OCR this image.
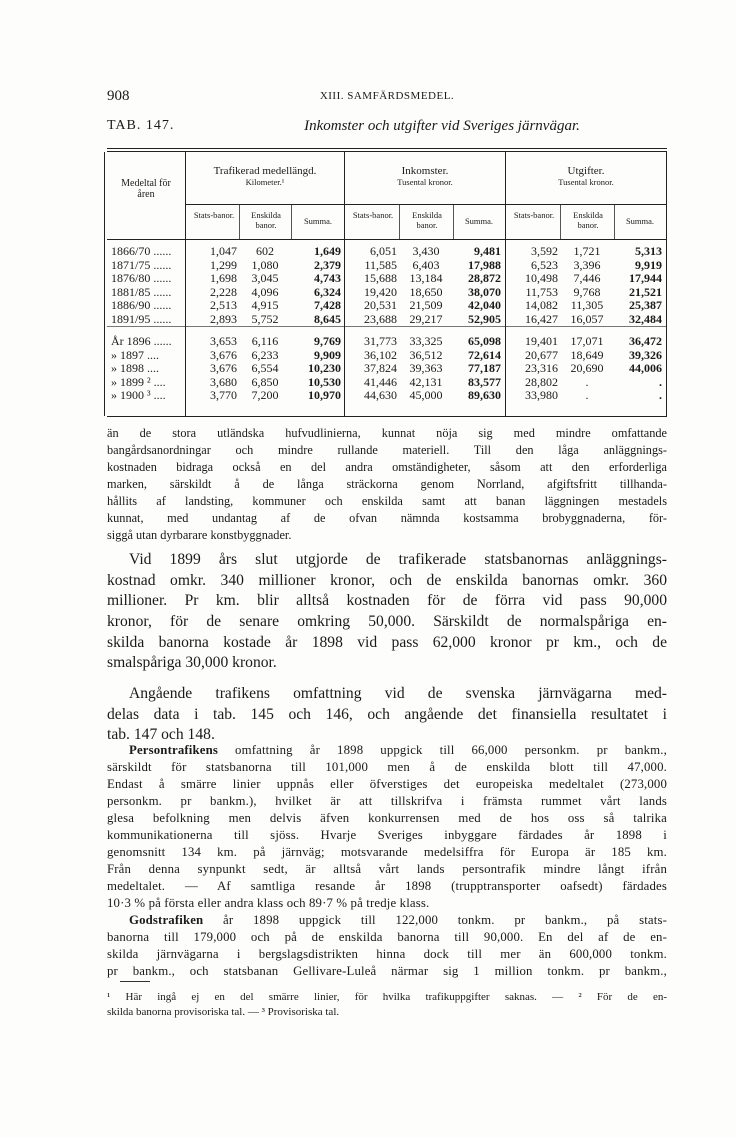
908	XIII. SAMFÄRDSMEDEL.
TAB. 147.	Inkomster och utgifter vid Sveriges järnvägar.
Medeltal för
åren
Trafikerad medellängd.
Kilometer.¹
Inkomster.
Tusental kronor.
Utgifter.
Tusental kronor.
Stats-banor.	Enskilda banor.	Summa.
Stats-banor.	Enskilda banor.	Summa.
Stats-banor.	Enskilda banor.	Summa.
1866/70 ......	1,047	602	1,649	6,051	3,430	9,481	3,592	1,721	5,313
1871/75 ......	1,299	1,080	2,379	11,585	6,403	17,988	6,523	3,396	9,919
1876/80 ......	1,698	3,045	4,743	15,688	13,184	28,872	10,498	7,446	17,944
1881/85 ......	2,228	4,096	6,324	19,420	18,650	38,070	11,753	9,768	21,521
1886/90 ......	2,513	4,915	7,428	20,531	21,509	42,040	14,082	11,305	25,387
1891/95 ......	2,893	5,752	8,645	23,688	29,217	52,905	16,427	16,057	32,484
År 1896 ......	3,653	6,116	9,769	31,773	33,325	65,098	19,401	17,071	36,472
» 1897 ....	3,676	6,233	9,909	36,102	36,512	72,614	20,677	18,649	39,326
» 1898 ....	3,676	6,554	10,230	37,824	39,363	77,187	23,316	20,690	44,006
» 1899 ² ....	3,680	6,850	10,530	41,446	42,131	83,577	28,802	.	.
» 1900 ³ ....	3,770	7,200	10,970	44,630	45,000	89,630	33,980	.	.
än de stora utländska hufvudlinierna, kunnat nöja sig med mindre omfattande
bangårdsanordningar och mindre rullande materiell. Till den låga anläggnings-
kostnaden bidraga också en del andra omständigheter, såsom att den erforderliga
marken, särskildt å de långa sträckorna genom Norrland, afgiftsfritt tillhanda-
hållits af landsting, kommuner och enskilda samt att banan läggningen mestadels
kunnat, med undantag af de ofvan nämnda kostsamma brobyggnaderna, för-
siggå utan dyrbarare konstbyggnader.
Vid 1899 års slut utgjorde de trafikerade statsbanornas anläggnings-
kostnad omkr. 340 millioner kronor, och de enskilda banornas omkr. 360
millioner. Pr km. blir alltså kostnaden för de förra vid pass 90,000
kronor, för de senare omkring 50,000. Särskildt de normalspåriga en-
skilda banorna kostade år 1898 vid pass 62,000 kronor pr km., och de
smalspåriga 30,000 kronor.
Angående trafikens omfattning vid de svenska järnvägarna med-
delas data i tab. 145 och 146, och angående det finansiella resultatet i
tab. 147 och 148.
Persontrafikens omfattning år 1898 uppgick till 66,000 personkm. pr bankm.,
särskildt för statsbanorna till 101,000 men å de enskilda blott till 47,000.
Endast å smärre linier uppnås eller öfverstiges det europeiska medeltalet (273,000
personkm. pr bankm.), hvilket är att tillskrifva i främsta rummet vårt lands
glesa befolkning men delvis äfven konkurrensen med de hos oss så talrika
kommunikationerna till sjöss. Hvarje Sveriges inbyggare färdades år 1898 i
genomsnitt 134 km. på järnväg; motsvarande medelsiffra för Europa är 185 km.
Från denna synpunkt sedt, är alltså vårt lands persontrafik mindre långt ifrån
medeltalet. — Af samtliga resande år 1898 (trupptransporter oafsedt) färdades
10·3 % på första eller andra klass och 89·7 % på tredje klass.
Godstrafiken år 1898 uppgick till 122,000 tonkm. pr bankm., på stats-
banorna till 179,000 och på de enskilda banorna till 90,000. En del af de en-
skilda järnvägarna i bergslagsdistrikten hinna dock till mer än 600,000 tonkm.
pr bankm., och statsbanan Gellivare-Luleå närmar sig 1 million tonkm. pr bankm.,
¹ Här ingå ej en del smärre linier, för hvilka trafikuppgifter saknas. — ² För de en-
skilda banorna provisoriska tal. — ³ Provisoriska tal.
